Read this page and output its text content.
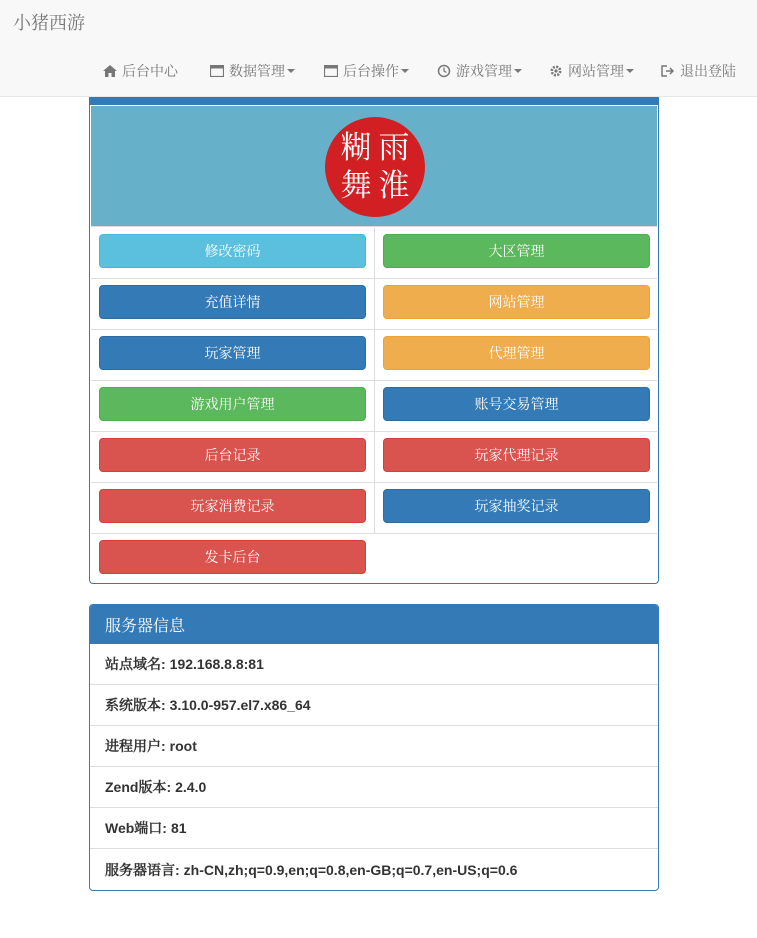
小猪西游
后台中心	数据管理	后台操作	游戏管理	网站管理	退出登陆
糊 雨
舞 淮
修改密码	大区管理
充值详情	网站管理
玩家管理	代理管理
游戏用户管理	账号交易管理
后台记录	玩家代理记录
玩家消费记录	玩家抽奖记录
发卡后台
服务器信息
站点域名: 192.168.8.8:81
系统版本: 3.10.0-957.el7.x86_64
进程用户: root
Zend版本: 2.4.0
Web端口: 81
服务器语言: zh-CN,zh;q=0.9,en;q=0.8,en-GB;q=0.7,en-US;q=0.6
